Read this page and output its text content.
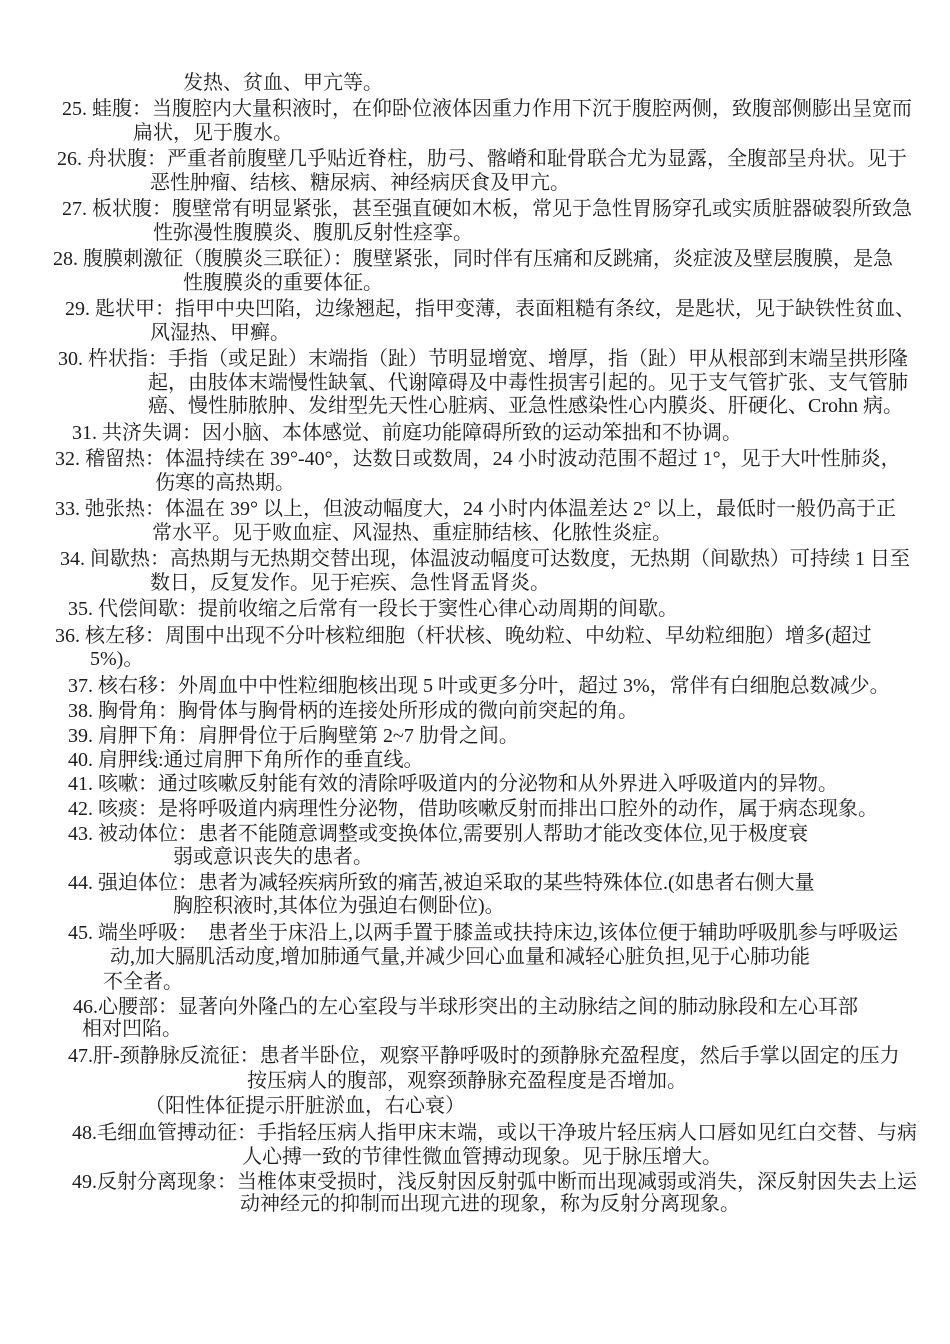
发热、贫血、甲亢等。
25. 蛙腹：当腹腔内大量积液时，在仰卧位液体因重力作用下沉于腹腔两侧，致腹部侧膨出呈宽而
扁状，见于腹水。
26. 舟状腹：严重者前腹壁几乎贴近脊柱，肋弓、髂嵴和耻骨联合尤为显露，全腹部呈舟状。见于
恶性肿瘤、结核、糖尿病、神经病厌食及甲亢。
27. 板状腹：腹壁常有明显紧张，甚至强直硬如木板，常见于急性胃肠穿孔或实质脏器破裂所致急
性弥漫性腹膜炎、腹肌反射性痉挛。
28. 腹膜刺激征（腹膜炎三联征）：腹壁紧张，同时伴有压痛和反跳痛，炎症波及壁层腹膜，是急
性腹膜炎的重要体征。
29. 匙状甲：指甲中央凹陷，边缘翘起，指甲变薄，表面粗糙有条纹，是匙状，见于缺铁性贫血、
风湿热、甲癣。
30. 杵状指：手指（或足趾）末端指（趾）节明显增宽、增厚，指（趾）甲从根部到末端呈拱形隆
起，由肢体末端慢性缺氧、代谢障碍及中毒性损害引起的。见于支气管扩张、支气管肺
癌、慢性肺脓肿、发绀型先天性心脏病、亚急性感染性心内膜炎、肝硬化、Crohn 病。
31. 共济失调：因小脑、本体感觉、前庭功能障碍所致的运动笨拙和不协调。
32. 稽留热：体温持续在 39°-40°，达数日或数周，24 小时波动范围不超过 1°，见于大叶性肺炎，
伤寒的高热期。
33. 弛张热：体温在 39° 以上，但波动幅度大，24 小时内体温差达 2° 以上，最低时一般仍高于正
常水平。见于败血症、风湿热、重症肺结核、化脓性炎症。
34. 间歇热：高热期与无热期交替出现，体温波动幅度可达数度，无热期（间歇热）可持续 1 日至
数日，反复发作。见于疟疾、急性肾盂肾炎。
35. 代偿间歇：提前收缩之后常有一段长于窦性心律心动周期的间歇。
36. 核左移：周围中出现不分叶核粒细胞（杆状核、晚幼粒、中幼粒、早幼粒细胞）增多(超过
5%)。
37. 核右移：外周血中中性粒细胞核出现 5 叶或更多分叶，超过 3%，常伴有白细胞总数减少。
38. 胸骨角：胸骨体与胸骨柄的连接处所形成的微向前突起的角。
39. 肩胛下角：肩胛骨位于后胸壁第 2~7 肋骨之间。
40. 肩胛线:通过肩胛下角所作的垂直线。
41. 咳嗽：通过咳嗽反射能有效的清除呼吸道内的分泌物和从外界进入呼吸道内的异物。
42. 咳痰：是将呼吸道内病理性分泌物，借助咳嗽反射而排出口腔外的动作，属于病态现象。
43. 被动体位：患者不能随意调整或变换体位,需要别人帮助才能改变体位,见于极度衰
弱或意识丧失的患者。
44. 强迫体位：患者为减轻疾病所致的痛苦,被迫采取的某些特殊体位.(如患者右侧大量
胸腔积液时,其体位为强迫右侧卧位)。
45. 端坐呼吸：  患者坐于床沿上,以两手置于膝盖或扶持床边,该体位便于辅助呼吸肌参与呼吸运
动,加大膈肌活动度,增加肺通气量,并减少回心血量和减轻心脏负担,见于心肺功能
不全者。
46.心腰部：显著向外隆凸的左心室段与半球形突出的主动脉结之间的肺动脉段和左心耳部
相对凹陷。
47.肝-颈静脉反流征：患者半卧位，观察平静呼吸时的颈静脉充盈程度，然后手掌以固定的压力
按压病人的腹部，观察颈静脉充盈程度是否增加。
（阳性体征提示肝脏淤血，右心衰）
48.毛细血管搏动征：手指轻压病人指甲床末端，或以干净玻片轻压病人口唇如见红白交替、与病
人心搏一致的节律性微血管搏动现象。见于脉压增大。
49.反射分离现象：当椎体束受损时，浅反射因反射弧中断而出现减弱或消失，深反射因失去上运
动神经元的抑制而出现亢进的现象，称为反射分离现象。
